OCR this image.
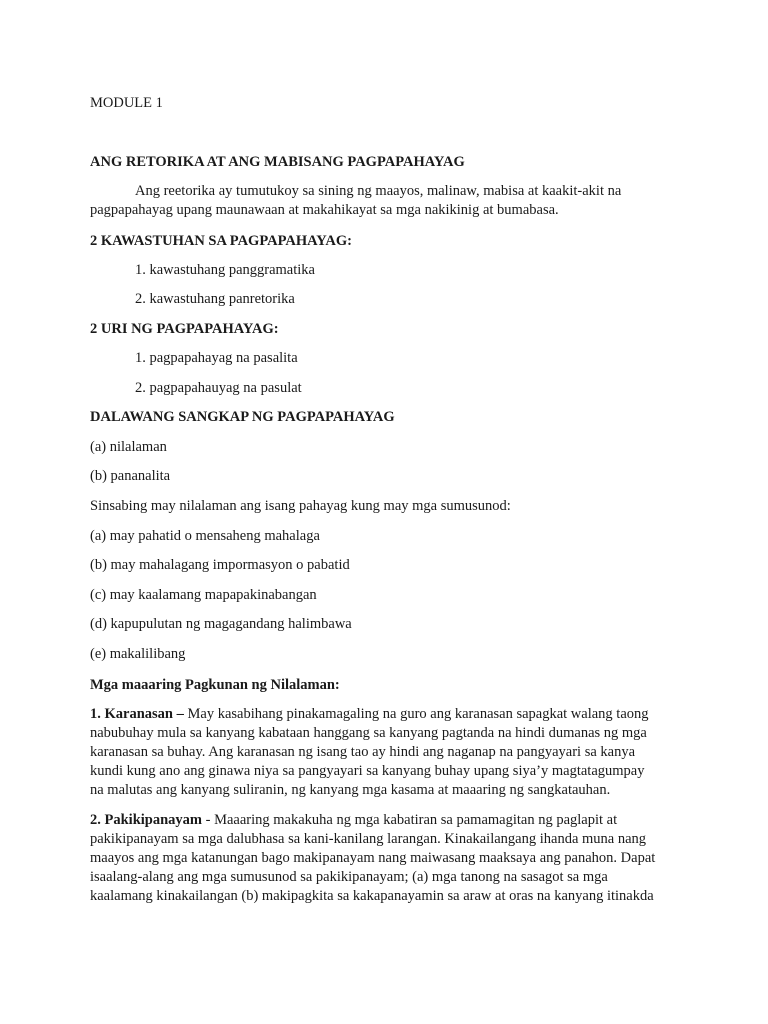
MODULE 1

ANG RETORIKA AT ANG MABISANG PAGPAPAHAYAG

Ang reetorika ay tumutukoy sa sining ng maayos, malinaw, mabisa at kaakit-akit na
pagpapahayag upang maunawaan at makahikayat sa mga nakikinig at bumabasa.

2 KAWASTUHAN SA PAGPAPAHAYAG:

1. kawastuhang panggramatika

2. kawastuhang panretorika

2 URI NG PAGPAPAHAYAG:

1. pagpapahayag na pasalita

2. pagpapahauyag na pasulat

DALAWANG SANGKAP NG PAGPAPAHAYAG

(a) nilalaman

(b) pananalita

Sinsabing may nilalaman ang isang pahayag kung may mga sumusunod:

(a) may pahatid o mensaheng mahalaga

(b) may mahalagang impormasyon o pabatid

(c) may kaalamang mapapakinabangan

(d) kapupulutan ng magagandang halimbawa

(e) makalilibang

Mga maaaring Pagkunan ng Nilalaman:

1. Karanasan – May kasabihang pinakamagaling na guro ang karanasan sapagkat walang taong
nabubuhay mula sa kanyang kabataan hanggang sa kanyang pagtanda na hindi dumanas ng mga
karanasan sa buhay. Ang karanasan ng isang tao ay hindi ang naganap na pangyayari sa kanya
kundi kung ano ang ginawa niya sa pangyayari sa kanyang buhay upang siya’y magtatagumpay
na malutas ang kanyang suliranin, ng kanyang mga kasama at maaaring ng sangkatauhan.
2. Pakikipanayam - Maaaring makakuha ng mga kabatiran sa pamamagitan ng paglapit at
pakikipanayam sa mga dalubhasa sa kani-kanilang larangan. Kinakailangang ihanda muna nang
maayos ang mga katanungan bago makipanayam nang maiwasang maaksaya ang panahon. Dapat
isaalang-alang ang mga sumusunod sa pakikipanayam; (a) mga tanong na sasagot sa mga
kaalamang kinakailangan (b) makipagkita sa kakapanayamin sa araw at oras na kanyang itinakda
